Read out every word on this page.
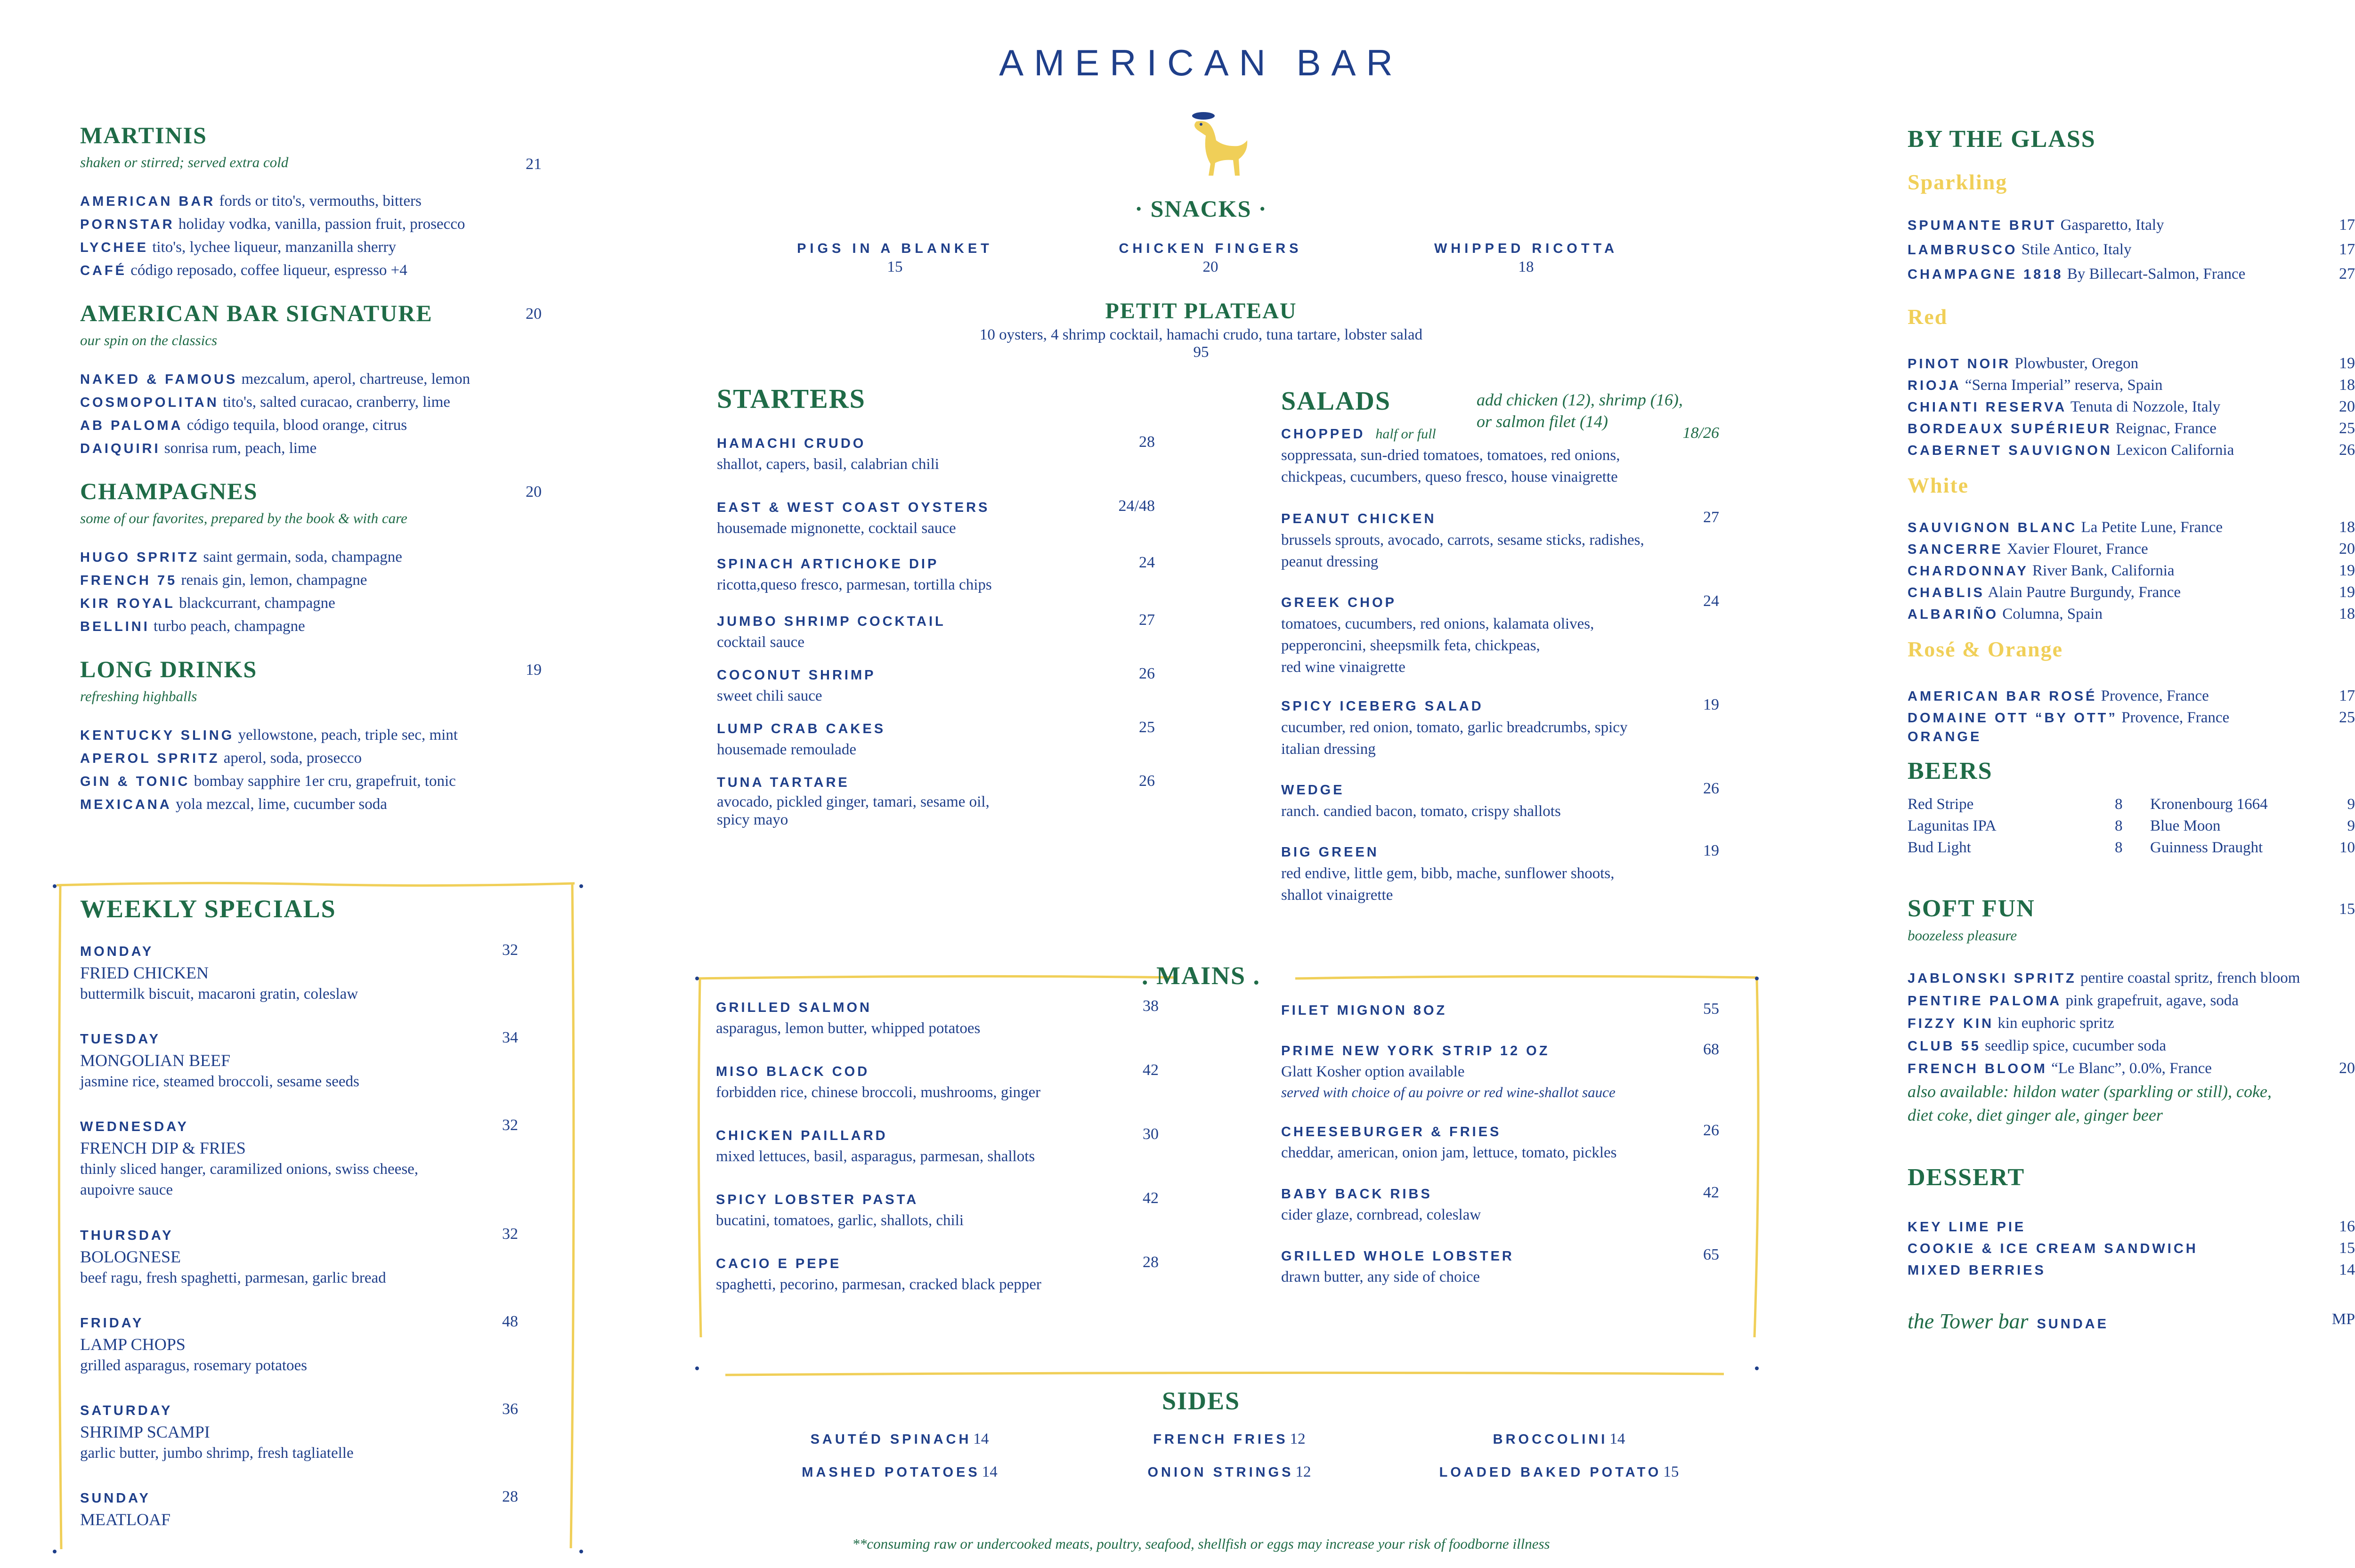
AMERICAN BAR
MARTINIS
shaken or stirred; served extra cold	21
AMERICAN BAR fords or tito's, vermouths, bitters
PORNSTAR holiday vodka, vanilla, passion fruit, prosecco
LYCHEE tito's, lychee liqueur, manzanilla sherry
CAFÉ código reposado, coffee liqueur, espresso +4
AMERICAN BAR SIGNATURE
our spin on the classics
20
NAKED & FAMOUS mezcalum, aperol, chartreuse, lemon
COSMOPOLITAN tito's, salted curacao, cranberry, lime
AB PALOMA código tequila, blood orange, citrus
DAIQUIRI sonrisa rum, peach, lime
CHAMPAGNES
some of our favorites, prepared by the book & with care
20
HUGO SPRITZ saint germain, soda, champagne
FRENCH 75 renais gin, lemon, champagne
KIR ROYAL blackcurrant, champagne
BELLINI turbo peach, champagne
LONG DRINKS
refreshing highballs
19
KENTUCKY SLING yellowstone, peach, triple sec, mint
APEROL SPRITZ aperol, soda, prosecco
GIN & TONIC bombay sapphire 1er cru, grapefruit, tonic
MEXICANA yola mezcal, lime, cucumber soda
WEEKLY SPECIALS
MONDAY
FRIED CHICKEN
buttermilk biscuit, macaroni gratin, coleslaw
32
TUESDAY
MONGOLIAN BEEF
jasmine rice, steamed broccoli, sesame seeds
34
WEDNESDAY
FRENCH DIP & FRIES
thinly sliced hanger, caramilized onions, swiss cheese,
aupoivre sauce
32
THURSDAY
BOLOGNESE
beef ragu, fresh spaghetti, parmesan, garlic bread
32
FRIDAY
LAMP CHOPS
grilled asparagus, rosemary potatoes
48
SATURDAY
SHRIMP SCAMPI
garlic butter, jumbo shrimp, fresh tagliatelle
36
SUNDAY
MEATLOAF
28
· SNACKS ·
PIGS IN A BLANKET
15
CHICKEN FINGERS
20
WHIPPED RICOTTA
18
PETIT PLATEAU
10 oysters, 4 shrimp cocktail, hamachi crudo, tuna tartare, lobster salad
95
STARTERS
HAMACHI CRUDO
shallot, capers, basil, calabrian chili
28
EAST & WEST COAST OYSTERS
housemade mignonette, cocktail sauce
24/48
SPINACH ARTICHOKE DIP
ricotta,queso fresco, parmesan, tortilla chips
24
JUMBO SHRIMP COCKTAIL
cocktail sauce
27
COCONUT SHRIMP
sweet chili sauce
26
LUMP CRAB CAKES
housemade remoulade
25
TUNA TARTARE
avocado, pickled ginger, tamari, sesame oil,
spicy mayo
26
SALADS	add chicken (12), shrimp (16),
or salmon filet (14)
CHOPPED half or full
soppressata, sun-dried tomatoes, tomatoes, red onions,
chickpeas, cucumbers, queso fresco, house vinaigrette
18/26
PEANUT CHICKEN
brussels sprouts, avocado, carrots, sesame sticks, radishes,
peanut dressing
27
GREEK CHOP
tomatoes, cucumbers, red onions, kalamata olives,
pepperoncini, sheepsmilk feta, chickpeas,
red wine vinaigrette
24
SPICY ICEBERG SALAD
cucumber, red onion, tomato, garlic breadcrumbs, spicy
italian dressing
19
WEDGE
ranch. candied bacon, tomato, crispy shallots
26
BIG GREEN
red endive, little gem, bibb, mache, sunflower shoots,
shallot vinaigrette
19
. MAINS .
GRILLED SALMON
asparagus, lemon butter, whipped potatoes
38
MISO BLACK COD
forbidden rice, chinese broccoli, mushrooms, ginger
42
CHICKEN PAILLARD
mixed lettuces, basil, asparagus, parmesan, shallots
30
SPICY LOBSTER PASTA
bucatini, tomatoes, garlic, shallots, chili
42
CACIO E PEPE
spaghetti, pecorino, parmesan, cracked black pepper
28
FILET MIGNON 8OZ	55
PRIME NEW YORK STRIP 12 OZ
Glatt Kosher option available
served with choice of au poivre or red wine-shallot sauce
68
CHEESEBURGER & FRIES
cheddar, american, onion jam, lettuce, tomato, pickles
26
BABY BACK RIBS
cider glaze, cornbread, coleslaw
42
GRILLED WHOLE LOBSTER
drawn butter, any side of choice
65
SIDES
SAUTÉD SPINACH 14	FRENCH FRIES 12	BROCCOLINI 14
MASHED POTATOES 14	ONION STRINGS 12	LOADED BAKED POTATO 15
**consuming raw or undercooked meats, poultry, seafood, shellfish or eggs may increase your risk of foodborne illness
BY THE GLASS
Sparkling
SPUMANTE BRUT Gasparetto, Italy	17
LAMBRUSCO Stile Antico, Italy	17
CHAMPAGNE 1818 By Billecart-Salmon, France	27
Red
PINOT NOIR Plowbuster, Oregon	19
RIOJA “Serna Imperial” reserva, Spain	18
CHIANTI RESERVA Tenuta di Nozzole, Italy	20
BORDEAUX SUPÉRIEUR Reignac, France	25
CABERNET SAUVIGNON Lexicon California	26
White
SAUVIGNON BLANC La Petite Lune, France	18
SANCERRE Xavier Flouret, France	20
CHARDONNAY River Bank, California	19
CHABLIS Alain Pautre Burgundy, France	19
ALBARIÑO Columna, Spain	18
Rosé & Orange
AMERICAN BAR ROSÉ Provence, France	17
DOMAINE OTT “BY OTT” Provence, France	25
ORANGE
BEERS
Red Stripe	8 Kronenbourg 1664	9
Lagunitas IPA	8 Blue Moon	9
Bud Light	8 Guinness Draught	10
SOFT FUN	15
boozeless pleasure
JABLONSKI SPRITZ pentire coastal spritz, french bloom
PENTIRE PALOMA pink grapefruit, agave, soda
FIZZY KIN kin euphoric spritz
CLUB 55 seedlip spice, cucumber soda
FRENCH BLOOM “Le Blanc”, 0.0%, France	20
also available: hildon water (sparkling or still), coke,
diet coke, diet ginger ale, ginger beer
DESSERT
KEY LIME PIE	16
COOKIE & ICE CREAM SANDWICH	15
MIXED BERRIES	14
the Tower bar SUNDAE	MP
